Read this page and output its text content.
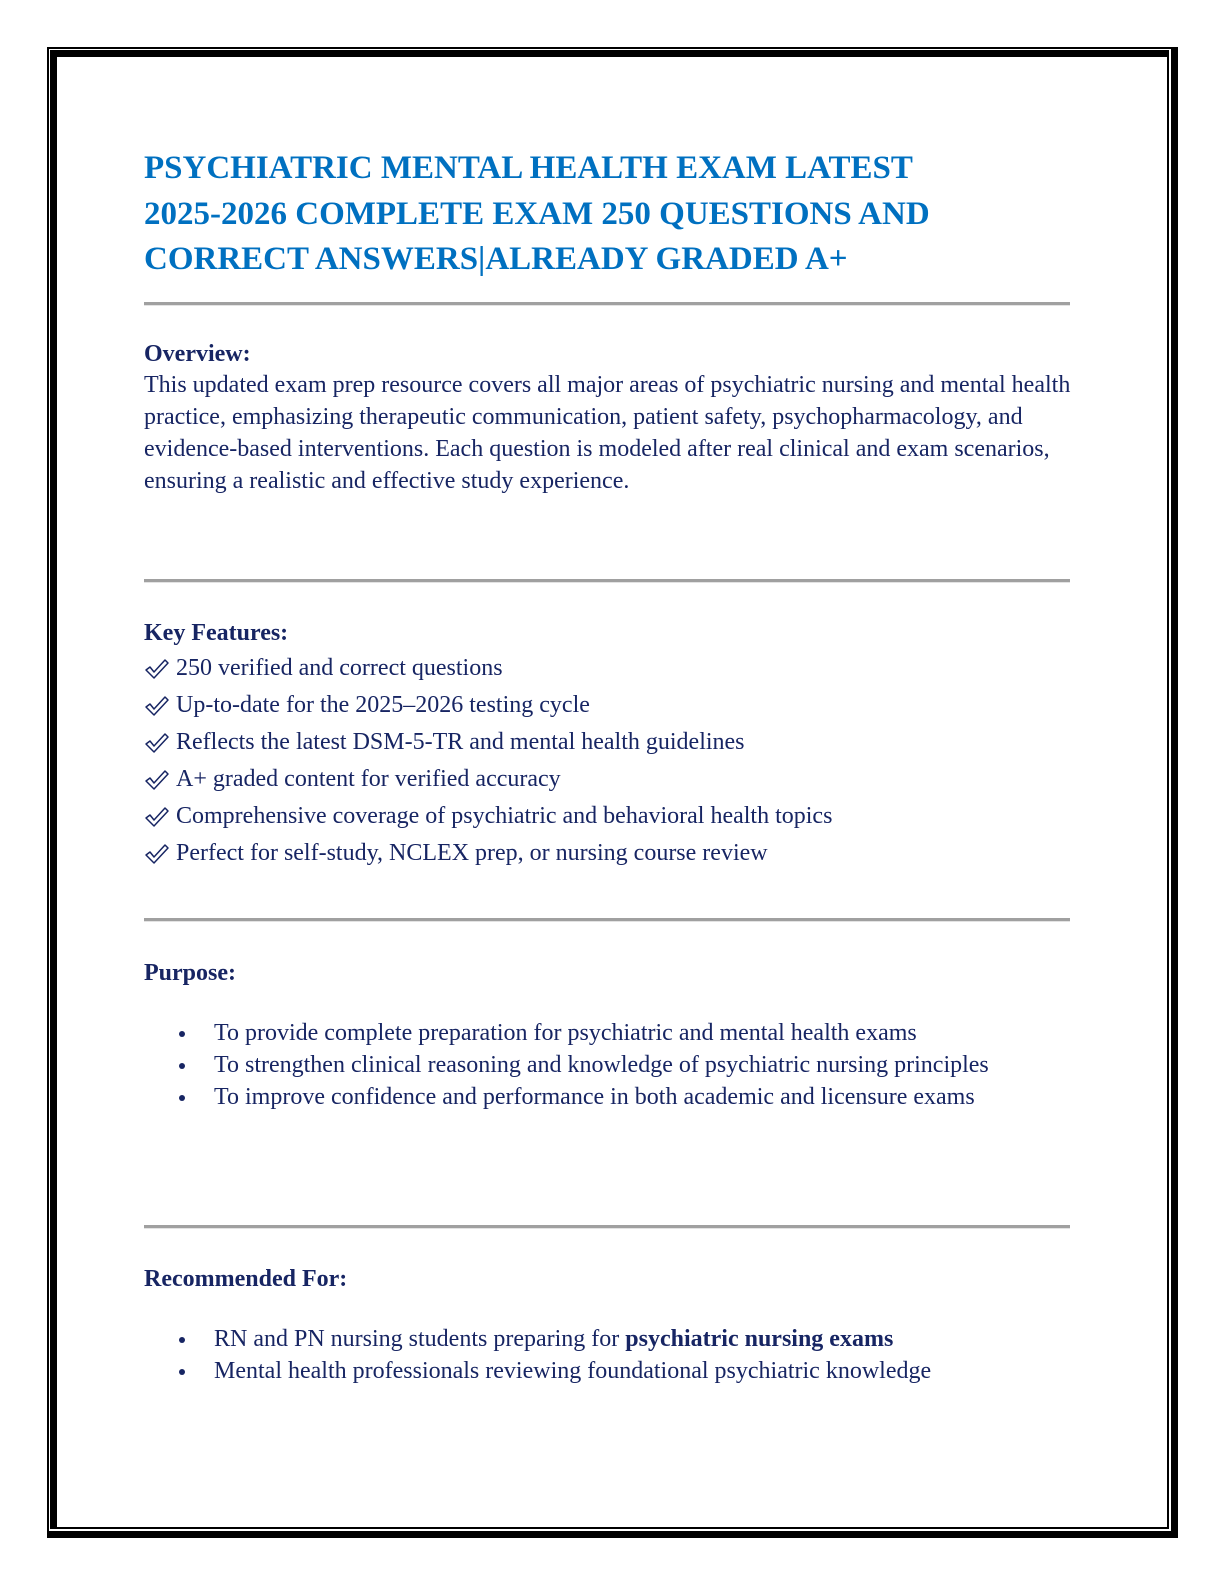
PSYCHIATRIC MENTAL HEALTH EXAM LATEST
2025-2026 COMPLETE EXAM 250 QUESTIONS AND
CORRECT ANSWERS|ALREADY GRADED A+
Overview:
This updated exam prep resource covers all major areas of psychiatric nursing and mental health practice, emphasizing therapeutic communication, patient safety, psychopharmacology, and evidence-based interventions. Each question is modeled after real clinical and exam scenarios, ensuring a realistic and effective study experience.
Key Features:
250 verified and correct questions
Up-to-date for the 2025–2026 testing cycle
Reflects the latest DSM-5-TR and mental health guidelines
A+ graded content for verified accuracy
Comprehensive coverage of psychiatric and behavioral health topics
Perfect for self-study, NCLEX prep, or nursing course review
Purpose:
To provide complete preparation for psychiatric and mental health exams
To strengthen clinical reasoning and knowledge of psychiatric nursing principles
To improve confidence and performance in both academic and licensure exams
Recommended For:
RN and PN nursing students preparing for psychiatric nursing exams
Mental health professionals reviewing foundational psychiatric knowledge
